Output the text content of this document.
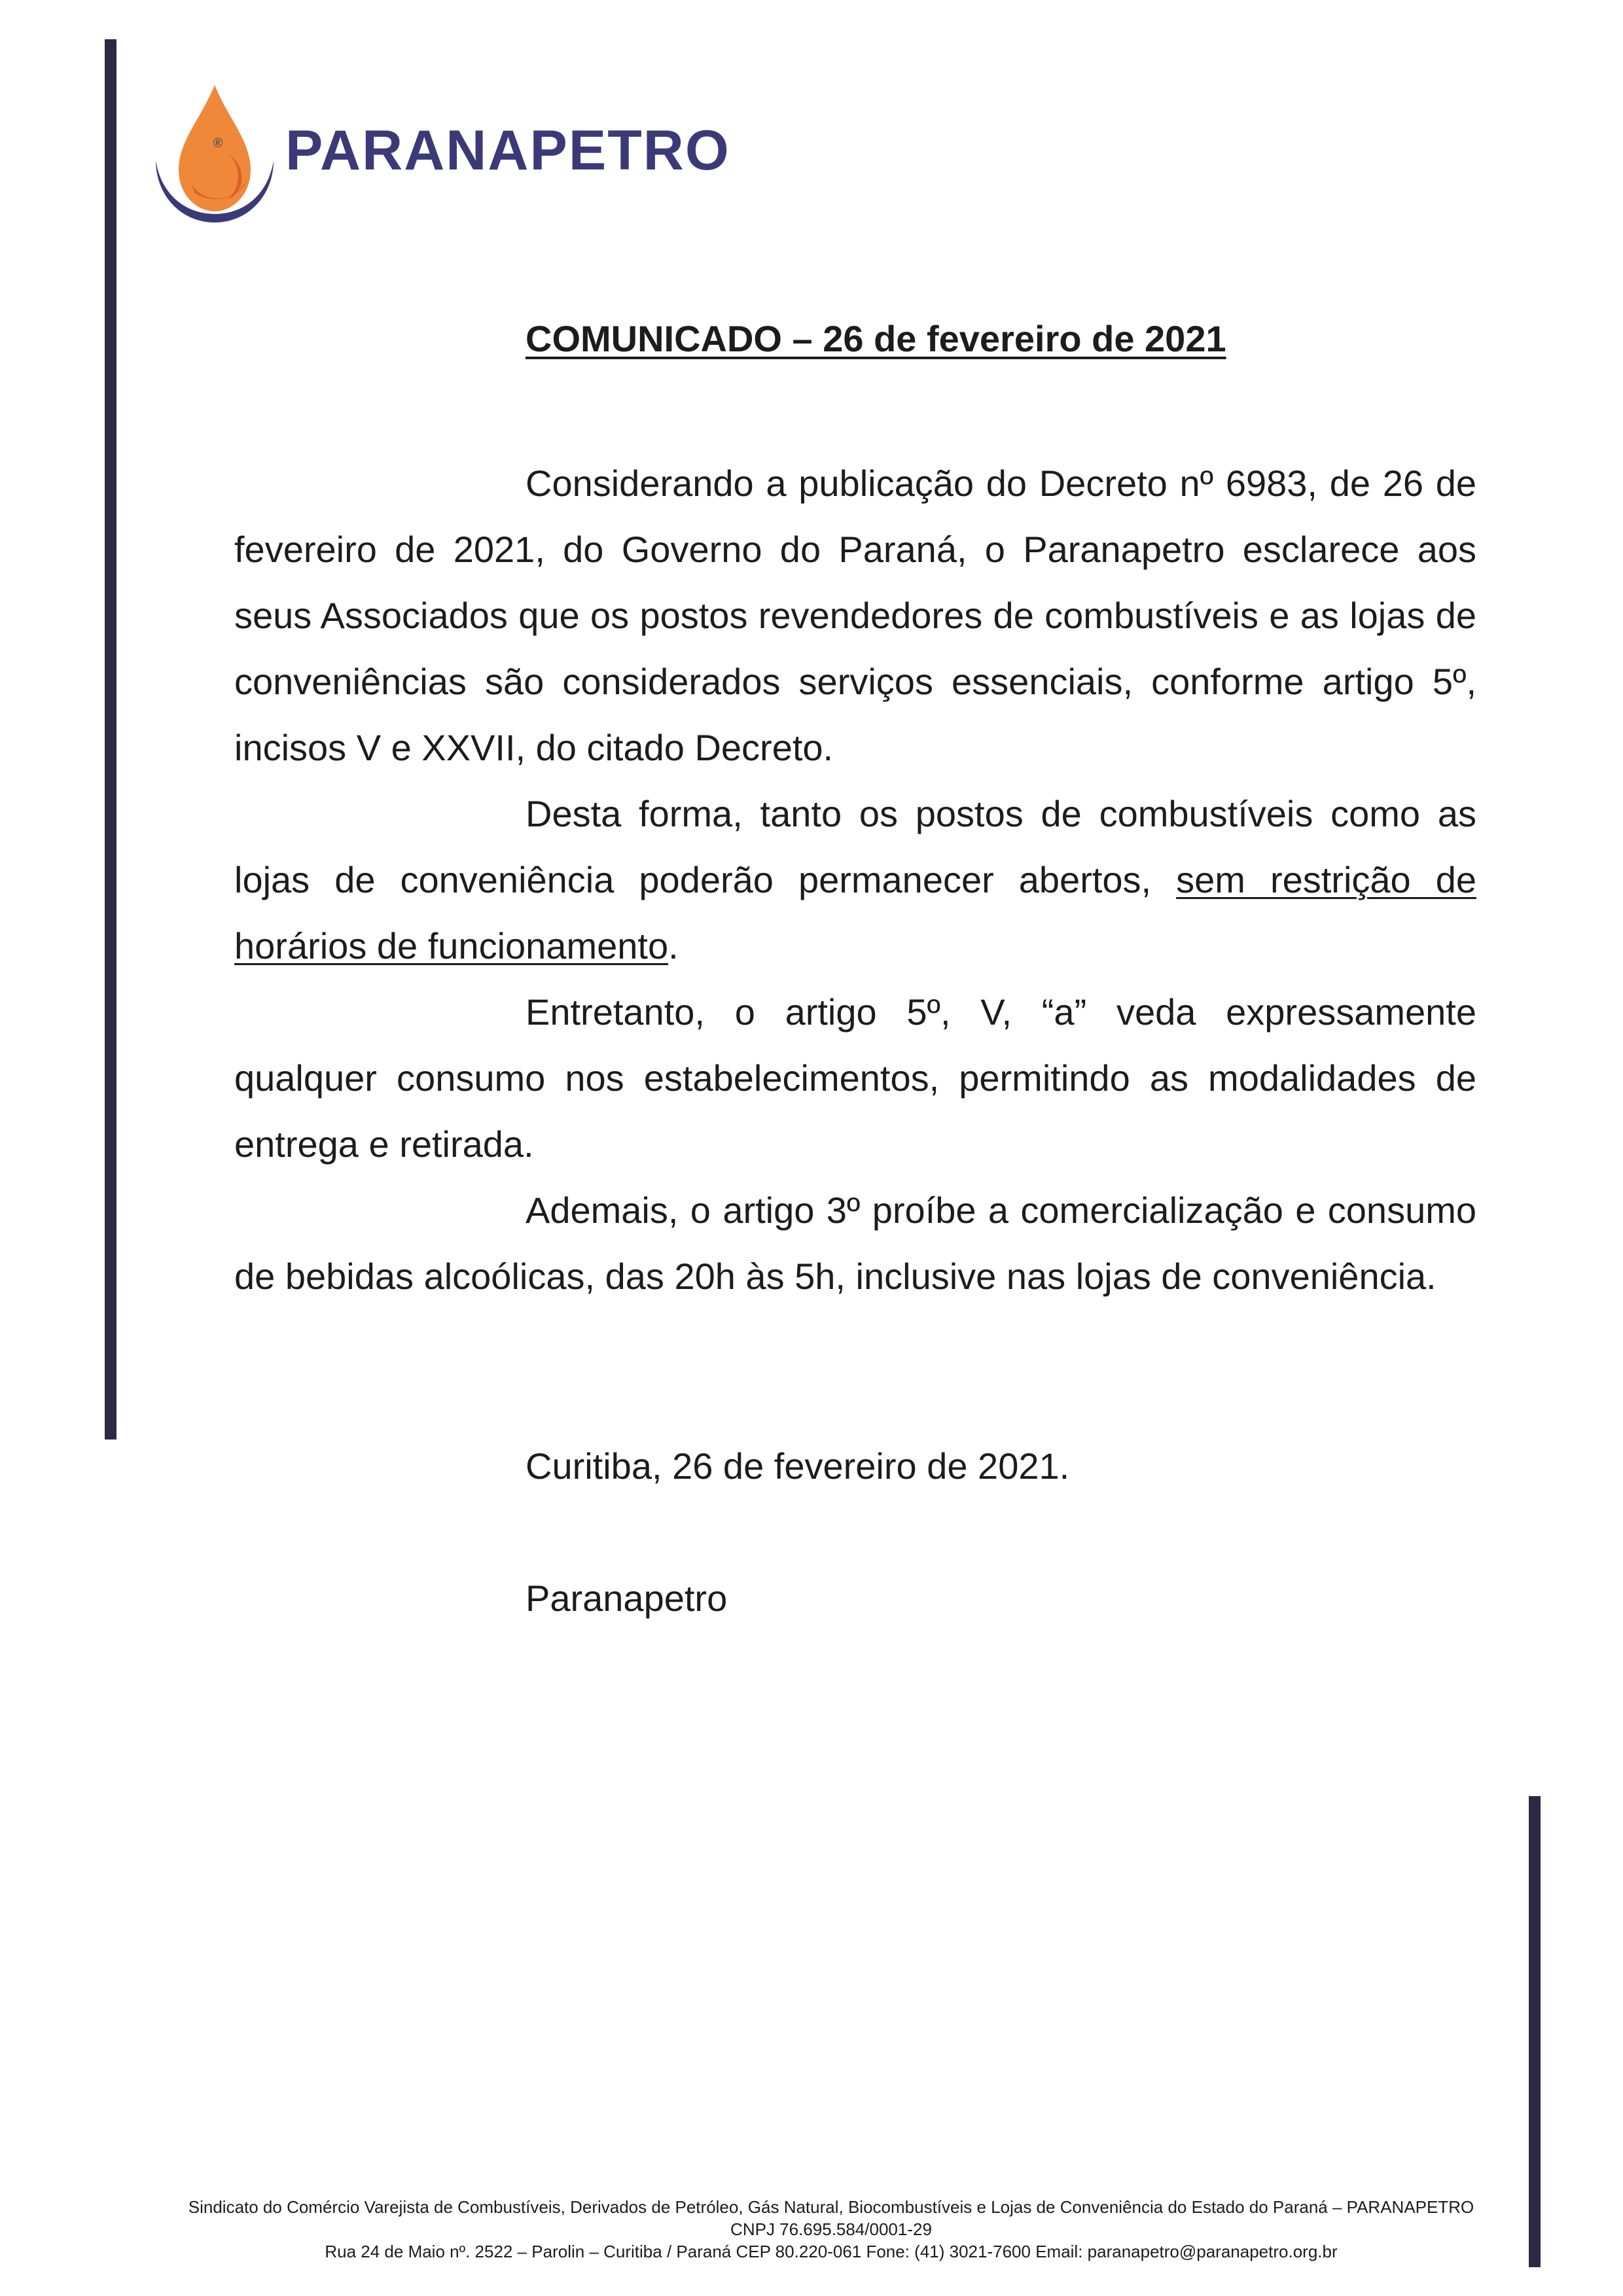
PARANAPETRO®
COMUNICADO – 26 de fevereiro de 2021

Considerando a publicação do Decreto nº 6983, de 26 de fevereiro de 2021, do Governo do Paraná, o Paranapetro esclarece aos seus Associados que os postos revendedores de combustíveis e as lojas de conveniências são considerados serviços essenciais, conforme artigo 5º, incisos V e XXVII, do citado Decreto.

Desta forma, tanto os postos de combustíveis como as lojas de conveniência poderão permanecer abertos, sem restrição de horários de funcionamento.

Entretanto, o artigo 5º, V, “a” veda expressamente qualquer consumo nos estabelecimentos, permitindo as modalidades de entrega e retirada.

Ademais, o artigo 3º proíbe a comercialização e consumo de bebidas alcoólicas, das 20h às 5h, inclusive nas lojas de conveniência.

Curitiba, 26 de fevereiro de 2021.
Paranapetro
Sindicato do Comércio Varejista de Combustíveis, Derivados de Petróleo, Gás Natural, Biocombustíveis e Lojas de Conveniência do Estado do Paraná – PARANAPETRO
CNPJ 76.695.584/0001-29
Rua 24 de Maio nº. 2522 – Parolin – Curitiba / Paraná CEP 80.220-061 Fone: (41) 3021-7600 Email: paranapetro@paranapetro.org.br
